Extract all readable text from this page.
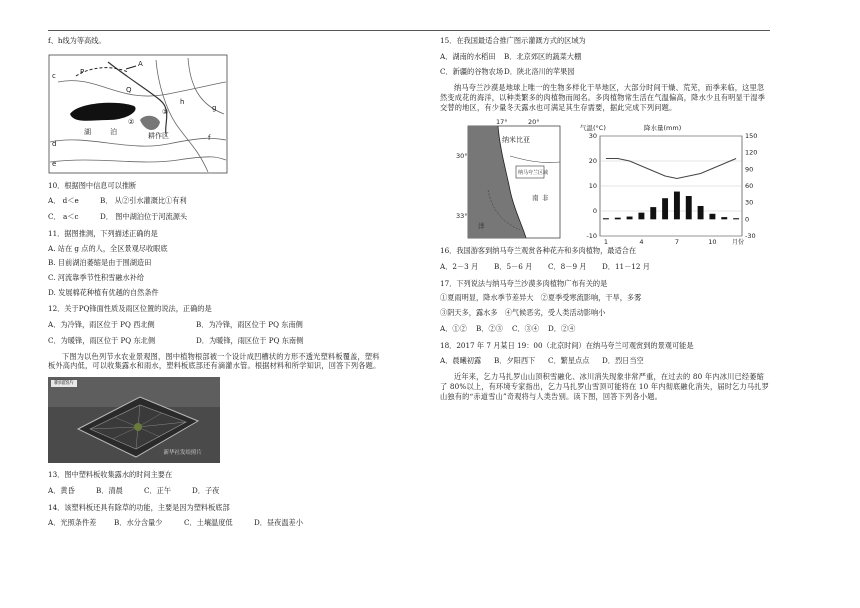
f、h线为等高线。

P
Q
A
c
d
e
f
g
h
①
②
湖	泊	耕作区

10．根据图中信息可以推断

A． d＜e	B． 从②引水灌溉比①有利
C． a＜c	D． 图中湖泊位于河流源头

11．据图推测，下列描述正确的是

A. 站在 g 点的人，全区景观尽收眼底

B. 目前湖泊萎缩是由于围湖造田

C. 河流靠季节性积雪融水补给

D. 发展棉花种植有优越的自然条件

12．关于PQ锋面性质及雨区位置的说法，正确的是

A．为冷锋，雨区位于 PQ 西北侧	B．为冷锋，雨区位于 PQ 东南侧
C．为暖锋，雨区位于 PQ 东北侧	D．为暖锋，雨区位于 PQ 东南侧

下图为以色列节水农业景观图，图中植物根部被一个设计成凹槽状的方形不透光塑料板覆盖，塑料板外高内低，可以收集露水和雨水，塑料板底部还有滴灌水管。根据材料和所学知识，回答下列各题。

新闻图片
新华社发给照片

13．图中塑料板收集露水的时间主要在

A．黄昏	B．清晨	C．正午	D．子夜

14．该塑料板还具有除草的功能，主要是因为塑料板底部

A．光照条件差 B．水分含量少	C．土壤温度低	D．昼夜温差小

15．在我国最适合推广图示灌溉方式的区域为

A．湖南的水稻田 B．北京郊区的蔬菜大棚
C．新疆的谷物农场D．陕北洛川的苹果园

纳马夸兰沙漠是地球上唯一的生物多样化干旱地区，大部分时间干燥、荒芜，而季来临，这里忽然变成花的海洋，以种类繁多的肉植物而闻名。多肉植物常生活在气温偏高，降水少且有明显干湿季交替的地区，有少量冬天露水也可满足其生存需要，据此完成下列问题。

17°	20°
纳米比亚
30°
33°
纳马夸兰区域
南 非
洋
30
20
10
0
-10
150
120
90
60
30
0
-30
1	4	7	10	月份
气温(°C)	降水量(mm)

16．我国游客到纳马夸兰观赏各种花卉和多肉植物，最适合在

A．2－3 月 B．5－6 月 C．8－9 月 D．11－12 月

17．下列说法与纳马夸兰沙漠多肉植物广布有关的是

①夏雨明显，降水季节差异大　②夏季受寒流影响，干旱，多雾

③阴天多，露水多　④气候恶劣，受人类活动影响小

A．①② B．②③ C．③④ D．②④

18．2017 年 7 月某日 19：00（北京时间）在纳马夸兰可观赏到的景观可能是

A．晨曦初露 B．夕阳西下 C．繁星点点 D．烈日当空

近年来，乞力马扎罗山山顶积雪融化、冰川消失现象非常严重，在过去的 80 年内冰川已经萎缩了 80%以上，有环境专家指出，乞力马扎罗山雪顶可能将在 10 年内彻底融化消失，届时乞力马扎罗山独有的“赤道雪山”奇观将与人类告别。读下图，回答下列各小题。
